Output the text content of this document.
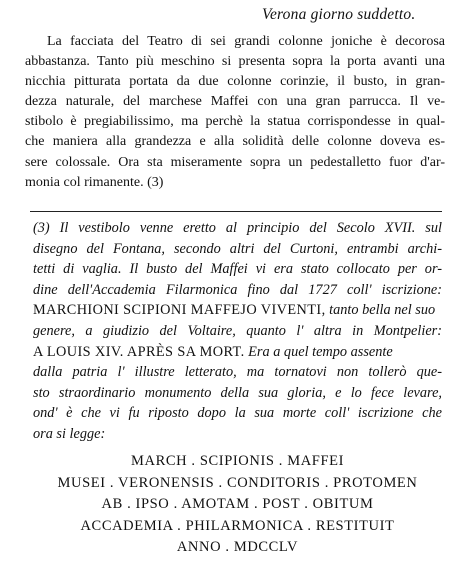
Verona giorno suddetto.
La facciata del Teatro di sei grandi colonne joniche è decorosa
abbastanza. Tanto più meschino si presenta sopra la porta avanti una
nicchia pitturata portata da due colonne corinzie, il busto, in gran-
dezza naturale, del marchese Maffei con una gran parrucca. Il ve-
stibolo è pregiabilissimo, ma perchè la statua corrispondesse in qual-
che maniera alla grandezza e alla solidità delle colonne doveva es-
sere colossale. Ora sta miseramente sopra un pedestalletto fuor d'ar-
monia col rimanente. (3)
(3) Il vestibolo venne eretto al principio del Secolo XVII. sul
disegno del Fontana, secondo altri del Curtoni, entrambi archi-
tetti di vaglia. Il busto del Maffei vi era stato collocato per or-
dine dell'Accademia Filarmonica fino dal 1727 coll' iscrizione:
MARCHIONI SCIPIONI MAFFEJO VIVENTI, tanto bella nel suo
genere, a giudizio del Voltaire, quanto l' altra in Montpelier:
A LOUIS XIV. APRÈS SA MORT. Era a quel tempo assente
dalla patria l' illustre letterato, ma tornatovi non tollerò que-
sto straordinario monumento della sua gloria, e lo fece levare,
ond' è che vi fu riposto dopo la sua morte coll' iscrizione che
ora si legge:
MARCH . SCIPIONIS . MAFFEI
MUSEI . VERONENSIS . CONDITORIS . PROTOMEN
AB . IPSO . AMOTAM . POST . OBITUM
ACCADEMIA . PHILARMONICA . RESTITUIT
ANNO . MDCCLV
